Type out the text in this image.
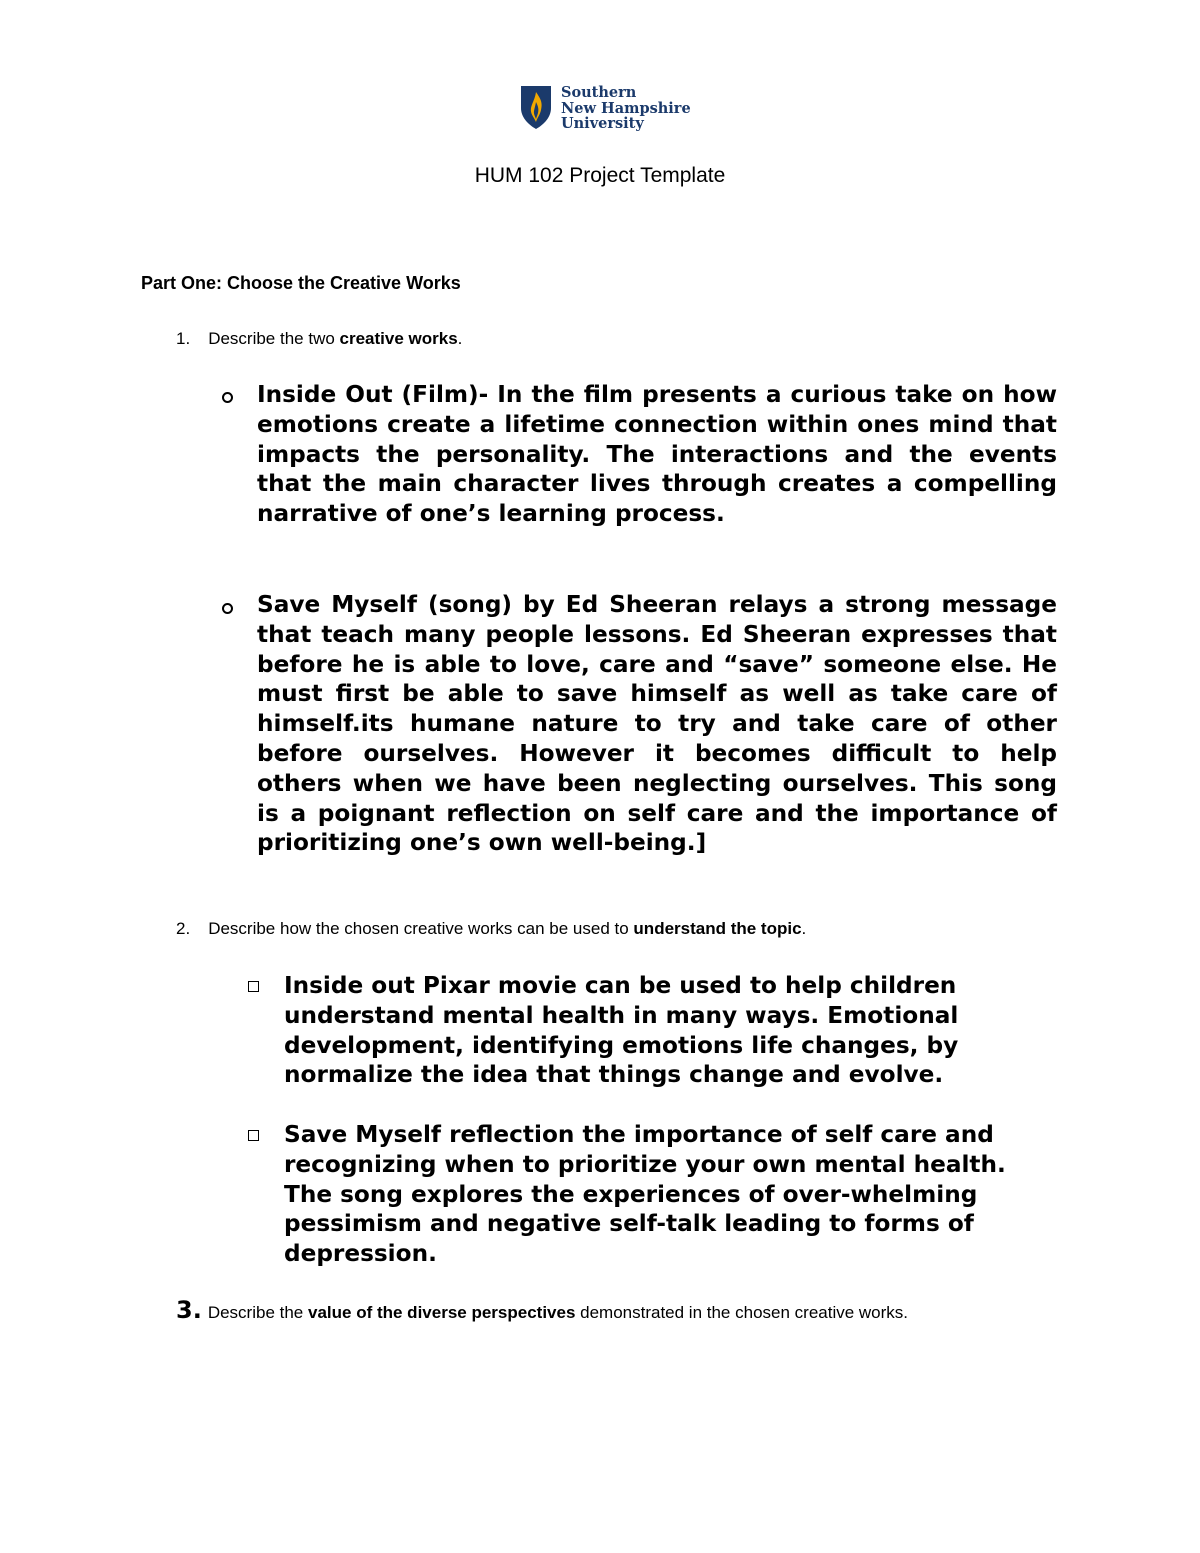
Southern
New Hampshire
University
HUM 102 Project Template
Part One: Choose the Creative Works
1. Describe the two creative works.
Inside Out (Film)- In the film presents a curious take on how emotions create a lifetime connection within ones mind that impacts the personality. The interactions and the events that the main character lives through creates a compelling narrative of one’s learning process.
Save Myself (song) by Ed Sheeran relays a strong message that teach many people lessons. Ed Sheeran expresses that before he is able to love, care and “save” someone else. He must first be able to save himself as well as take care of himself.its humane nature to try and take care of other before ourselves. However it becomes difficult to help others when we have been neglecting ourselves. This song is a poignant reflection on self care and the importance of prioritizing one’s own well-being.]
2. Describe how the chosen creative works can be used to understand the topic.
Inside out Pixar movie can be used to help children understand mental health in many ways. Emotional development, identifying emotions life changes, by normalize the idea that things change and evolve.
Save Myself reflection the importance of self care and recognizing when to prioritize your own mental health. The song explores the experiences of over-whelming pessimism and negative self-talk leading to forms of depression.
3. Describe the value of the diverse perspectives demonstrated in the chosen creative works.
